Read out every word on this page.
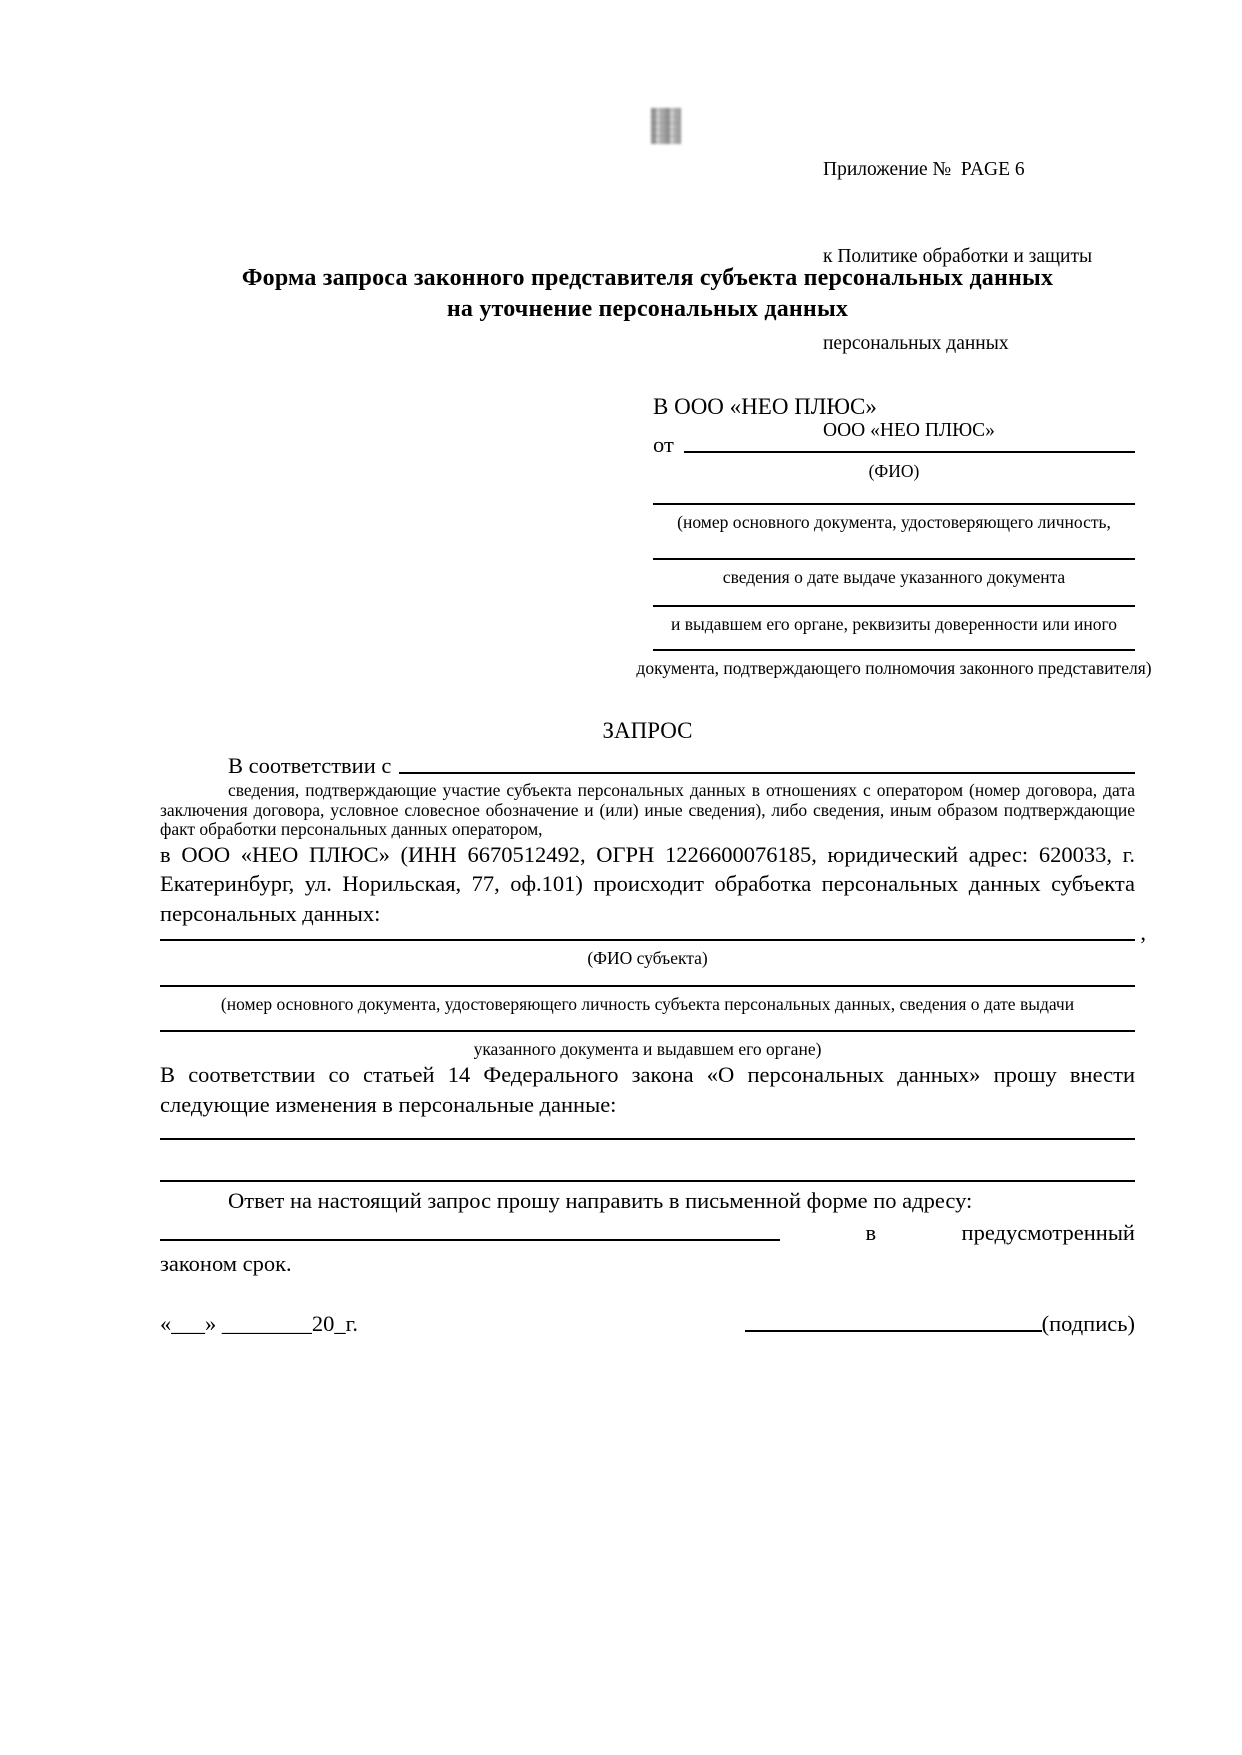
Приложение №  PAGE 6

к Политике обработки и защиты

персональных данных

ООО «НЕО ПЛЮС»

Форма запроса законного представителя субъекта персональных данных
на уточнение персональных данных
В ООО «НЕО ПЛЮС»
от
(ФИО)
(номер основного документа, удостоверяющего личность,
сведения о дате выдаче указанного документа
и выдавшем его органе, реквизиты доверенности или иного
документа, подтверждающего полномочия законного представителя)
ЗАПРОС
В соответствии с
сведения, подтверждающие участие субъекта персональных данных в отношениях с оператором (номер договора, дата заключения договора, условное словесное обозначение и (или) иные сведения), либо сведения, иным образом подтверждающие факт обработки персональных данных оператором,
в ООО «НЕО ПЛЮС» (ИНН 6670512492, ОГРН 1226600076185, юридический адрес: 620033, г. Екатеринбург, ул. Норильская, 77, оф.101) происходит обработка персональных данных субъекта персональных данных:
,
(ФИО субъекта)
(номер основного документа, удостоверяющего личность субъекта персональных данных, сведения о дате выдачи
указанного документа и выдавшем его органе)
В соответствии со статьей 14 Федерального закона «О персональных данных» прошу внести следующие изменения в персональные данные:
Ответ на настоящий запрос прошу направить в письменной форме по адресу:
в	предусмотренный
законом срок.
«___» ________20_г.	(подпись)
